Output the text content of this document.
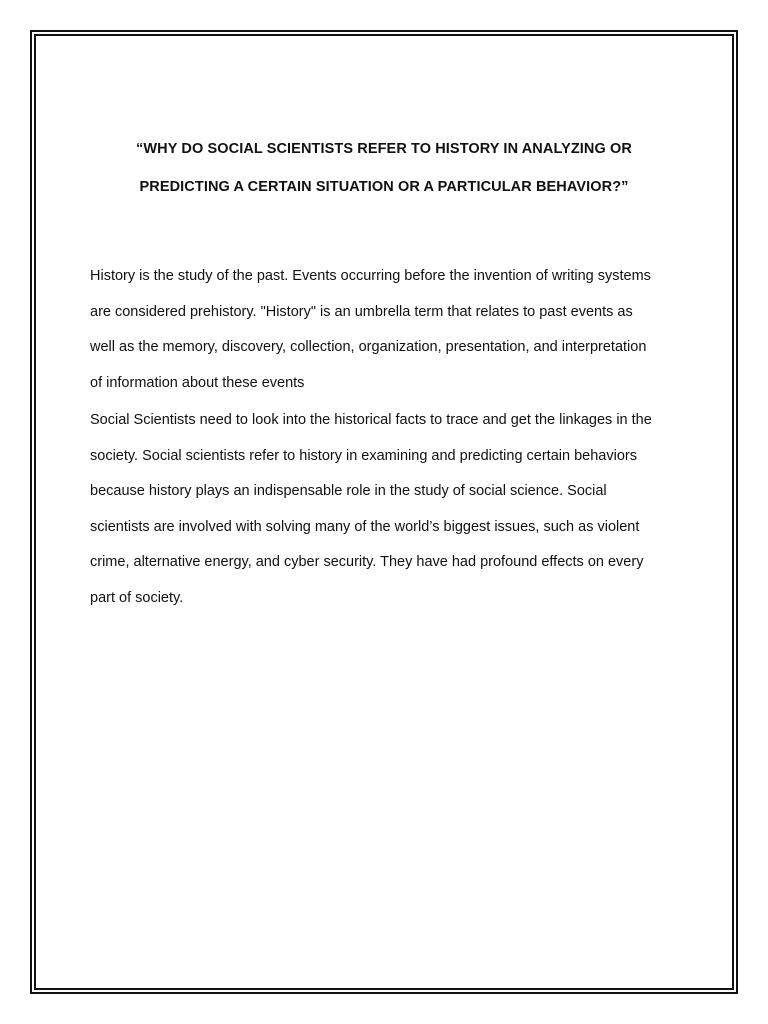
“WHY DO SOCIAL SCIENTISTS REFER TO HISTORY IN ANALYZING OR
PREDICTING A CERTAIN SITUATION OR A PARTICULAR BEHAVIOR?”
History is the study of the past. Events occurring before the invention of writing systems
are considered prehistory. "History" is an umbrella term that relates to past events as
well as the memory, discovery, collection, organization, presentation, and interpretation
of information about these events
Social Scientists need to look into the historical facts to trace and get the linkages in the
society. Social scientists refer to history in examining and predicting certain behaviors
because history plays an indispensable role in the study of social science. Social
scientists are involved with solving many of the world’s biggest issues, such as violent
crime, alternative energy, and cyber security. They have had profound effects on every
part of society.
